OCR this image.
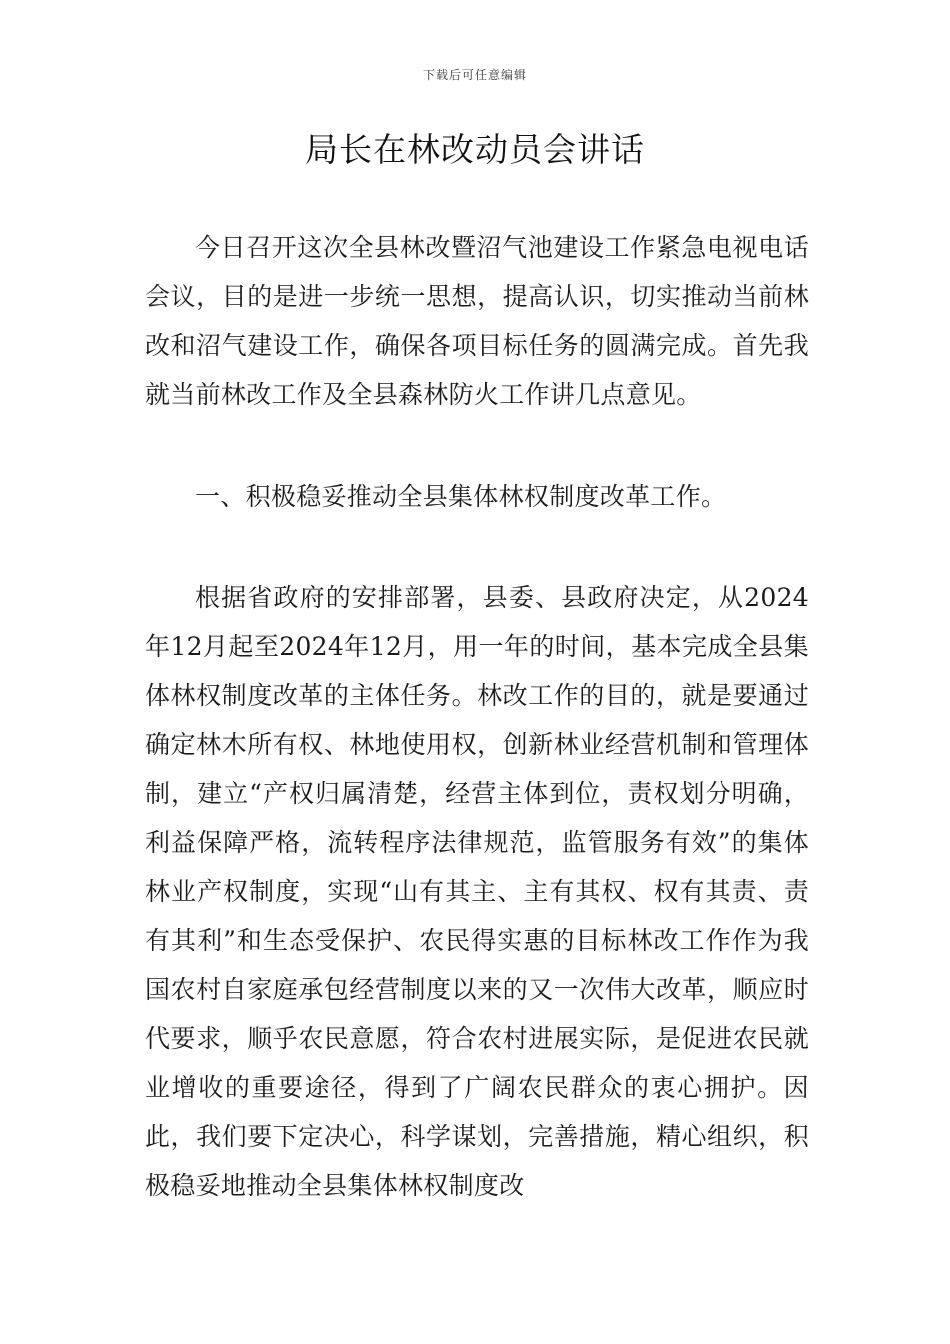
下载后可任意编辑
局长在林改动员会讲话

今日召开这次全县林改暨沼气池建设工作紧急电视电话会议，目的是进一步统一思想，提高认识，切实推动当前林改和沼气建设工作，确保各项目标任务的圆满完成。首先我就当前林改工作及全县森林防火工作讲几点意见。

一、积极稳妥推动全县集体林权制度改革工作。

根据省政府的安排部署，县委、县政府决定，从2024年12月起至2024年12月，用一年的时间，基本完成全县集体林权制度改革的主体任务。林改工作的目的，就是要通过确定林木所有权、林地使用权，创新林业经营机制和管理体制，建立“产权归属清楚，经营主体到位，责权划分明确，利益保障严格，流转程序法律规范，监管服务有效”的集体林业产权制度，实现“山有其主、主有其权、权有其责、责有其利”和生态受保护、农民得实惠的目标林改工作作为我国农村自家庭承包经营制度以来的又一次伟大改革，顺应时代要求，顺乎农民意愿，符合农村进展实际，是促进农民就业增收的重要途径，得到了广阔农民群众的衷心拥护。因此，我们要下定决心，科学谋划，完善措施，精心组织，积极稳妥地推动全县集体林权制度改
